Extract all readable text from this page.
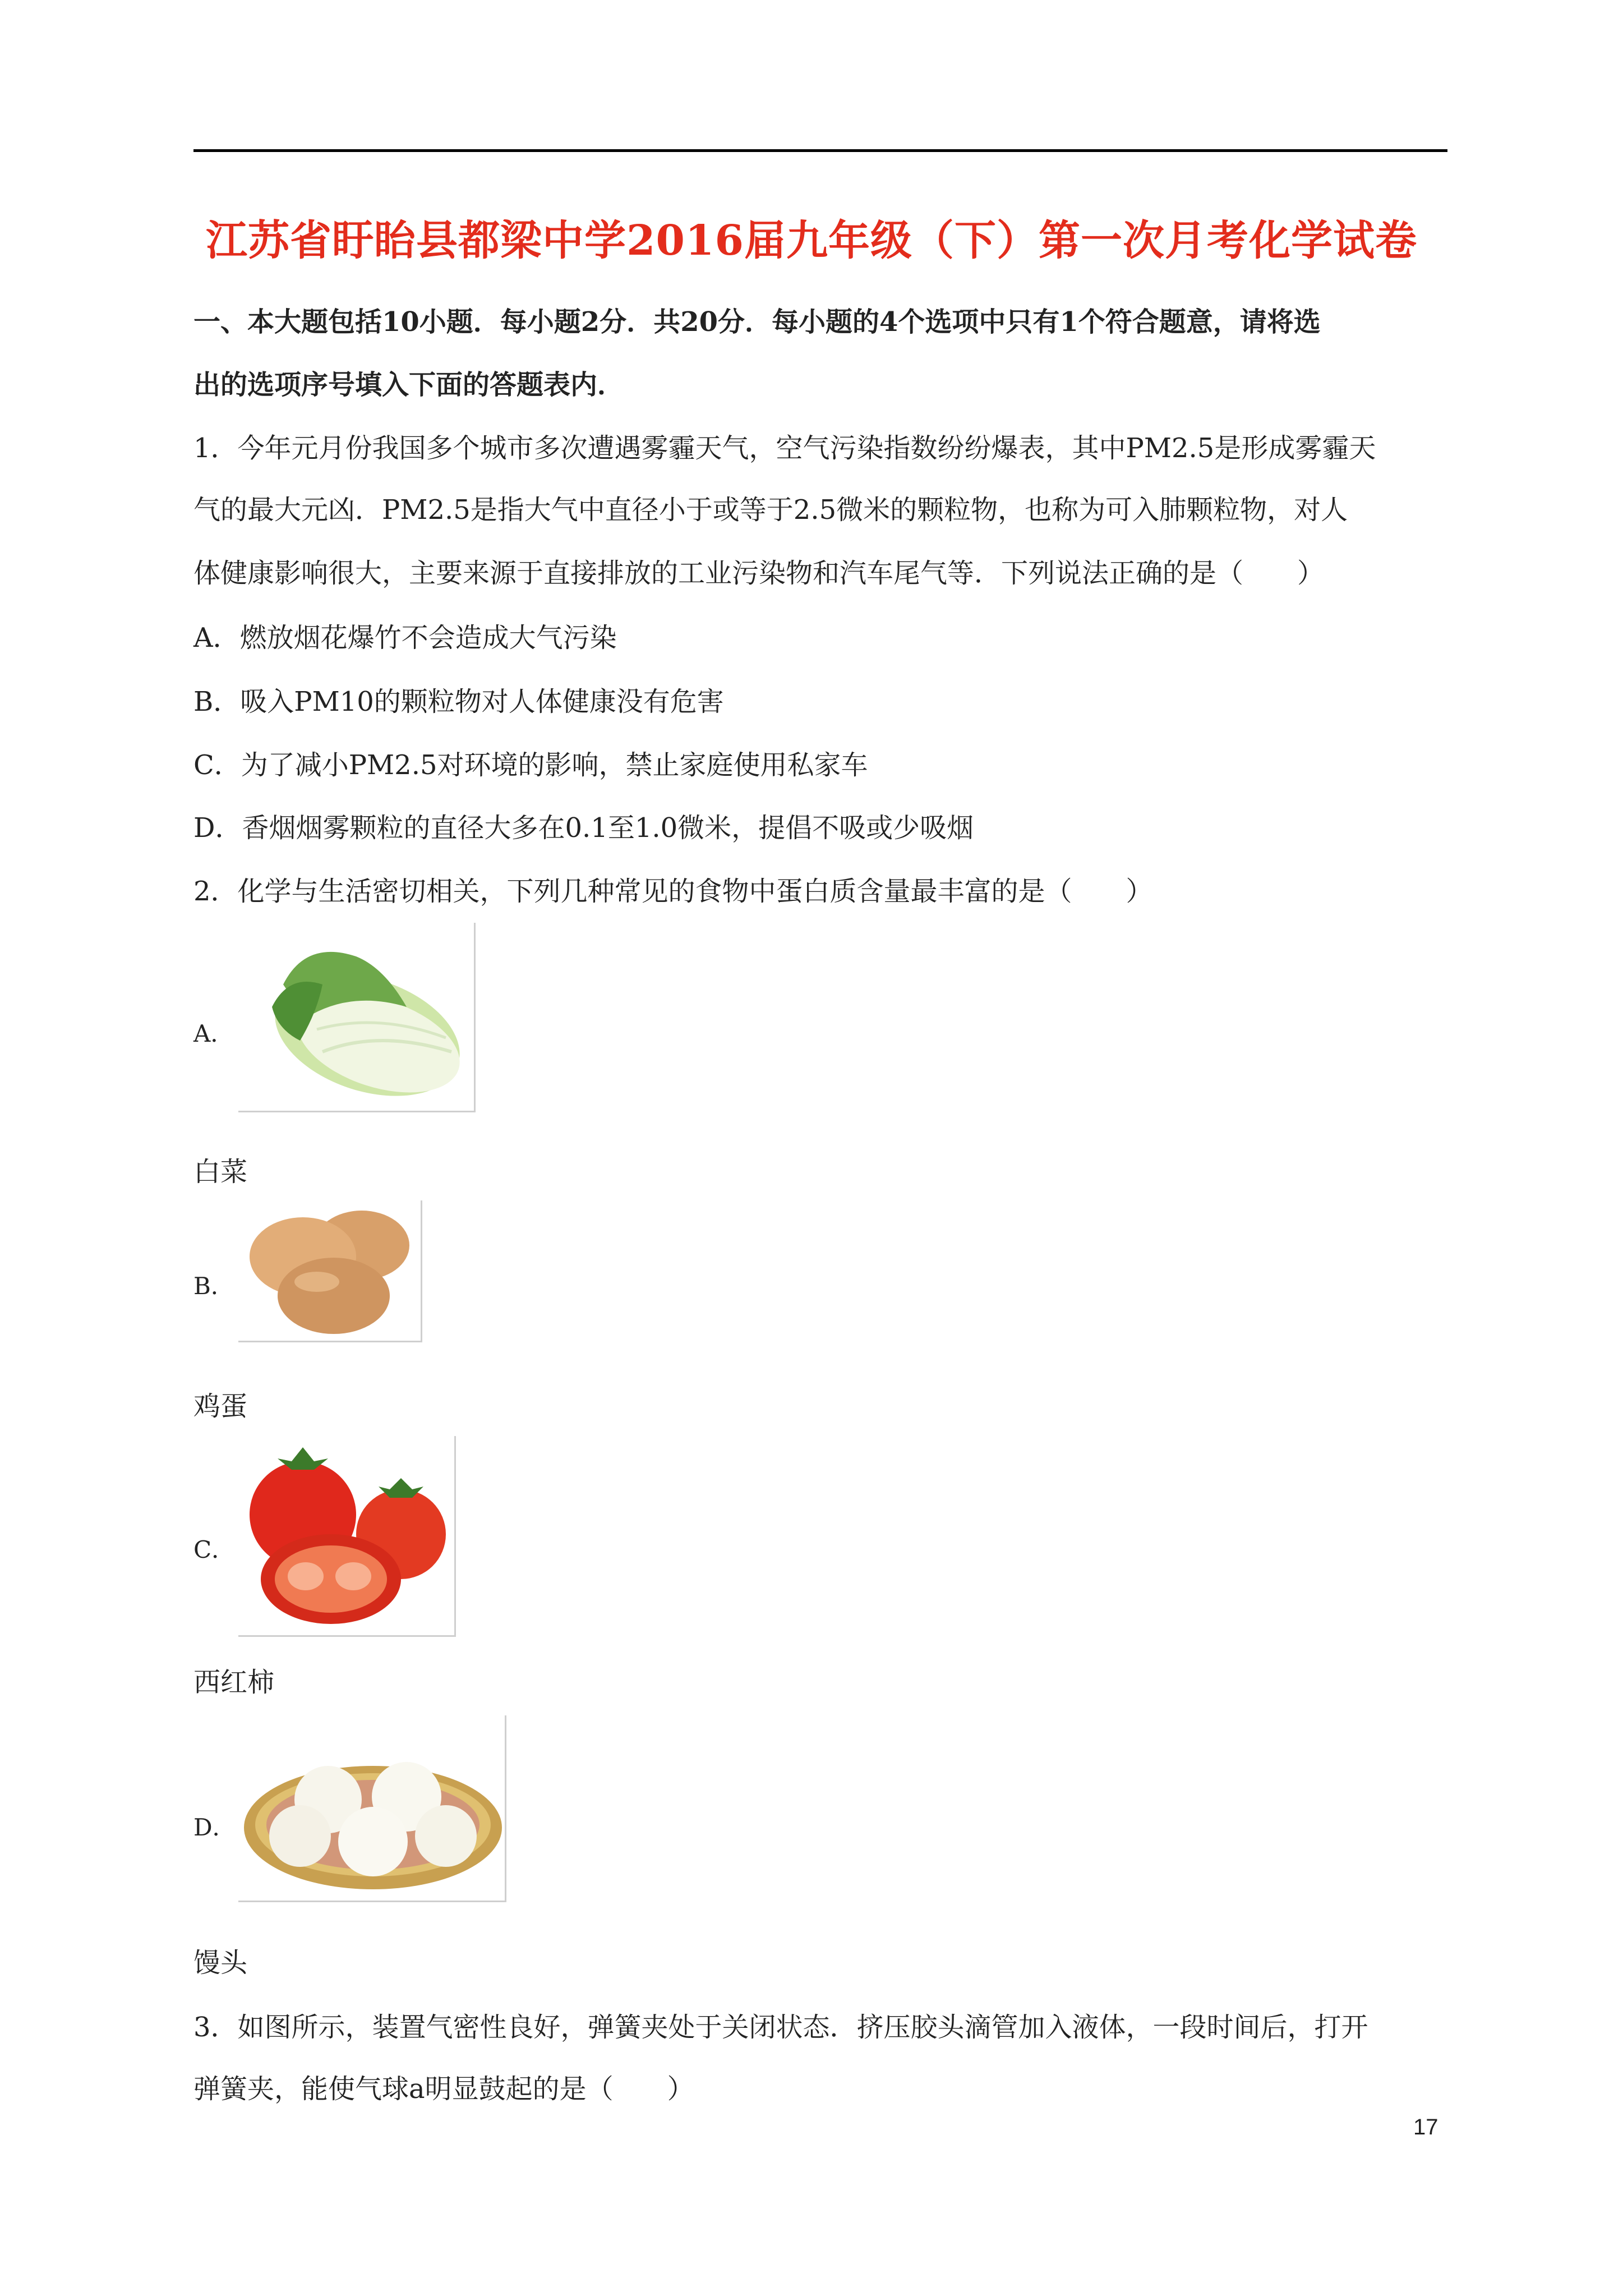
江苏省盱眙县都梁中学2016届九年级（下）第一次月考化学试卷
一、本大题包括10小题．每小题2分．共20分．每小题的4个选项中只有1个符合题意，请将选
出的选项序号填入下面的答题表内．
1．今年元月份我国多个城市多次遭遇雾霾天气，空气污染指数纷纷爆表，其中PM2.5是形成雾霾天
气的最大元凶．PM2.5是指大气中直径小于或等于2.5微米的颗粒物，也称为可入肺颗粒物，对人
体健康影响很大，主要来源于直接排放的工业污染物和汽车尾气等．下列说法正确的是（　　）
A．燃放烟花爆竹不会造成大气污染
B．吸入PM10的颗粒物对人体健康没有危害
C．为了减小PM2.5对环境的影响，禁止家庭使用私家车
D．香烟烟雾颗粒的直径大多在0.1至1.0微米，提倡不吸或少吸烟
2．化学与生活密切相关，下列几种常见的食物中蛋白质含量最丰富的是（　　）
A．
白菜
B．
鸡蛋
C．
西红柿
D．
馒头
3．如图所示，装置气密性良好，弹簧夹处于关闭状态．挤压胶头滴管加入液体，一段时间后，打开
弹簧夹，能使气球a明显鼓起的是（　　）
17
